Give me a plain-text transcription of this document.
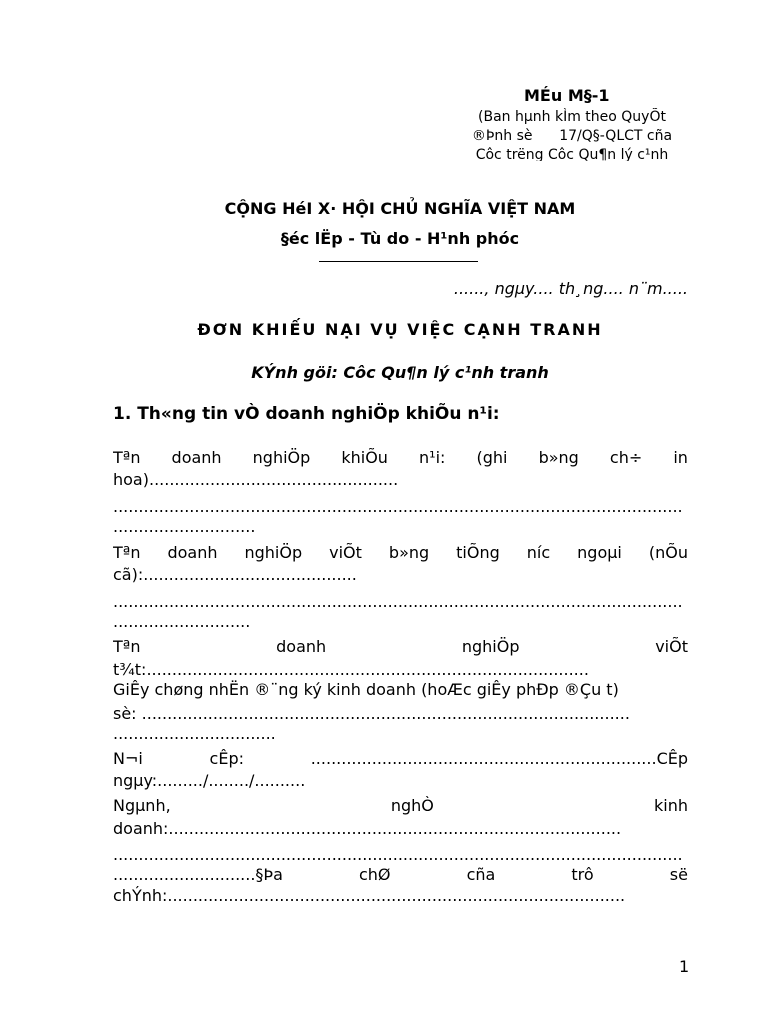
MÉu M§-1
(Ban hµnh kÌm theo QuyÕt
®Þnh sè      17/Q§-QLCT cña
Côc trëng Côc Qu¶n lý c¹nh
CỘNG HéI X· HỘI CHỦ NGHĨA VIỆT NAM
§éc lËp - Tù do - H¹nh phóc
......, ngµy.... th¸ng.... n¨m.....
ĐƠN KHIẾU NẠI VỤ VIỆC CẠNH TRANH
KÝnh göi: Côc Qu¶n lý c¹nh tranh
1. Th«ng tin vÒ doanh nghiÖp khiÕu n¹i:
Tªn doanh nghiÖp khiÕu n¹i: (ghi b»ng ch÷ in
hoa).................................................
................................................................................................................
............................
Tªn doanh nghiÖp viÕt b»ng tiÕng níc ngoµi (nÕu
cã):..........................................
................................................................................................................
...........................
Tªn	doanh	nghiÖp	viÕt
t¾t:.......................................................................................
GiÊy chøng nhËn ®¨ng ký kinh doanh (hoÆc giÊy phÐp ®Çu t)
sè: ................................................................................................
................................
N¬i	cÊp:	....................................................................CÊp
ngµy:........./......../..........
Ngµnh,	nghÒ	kinh
doanh:.........................................................................................
................................................................................................................
............................§Þa	chØ	cña	trô	së
chÝnh:..........................................................................................
1
